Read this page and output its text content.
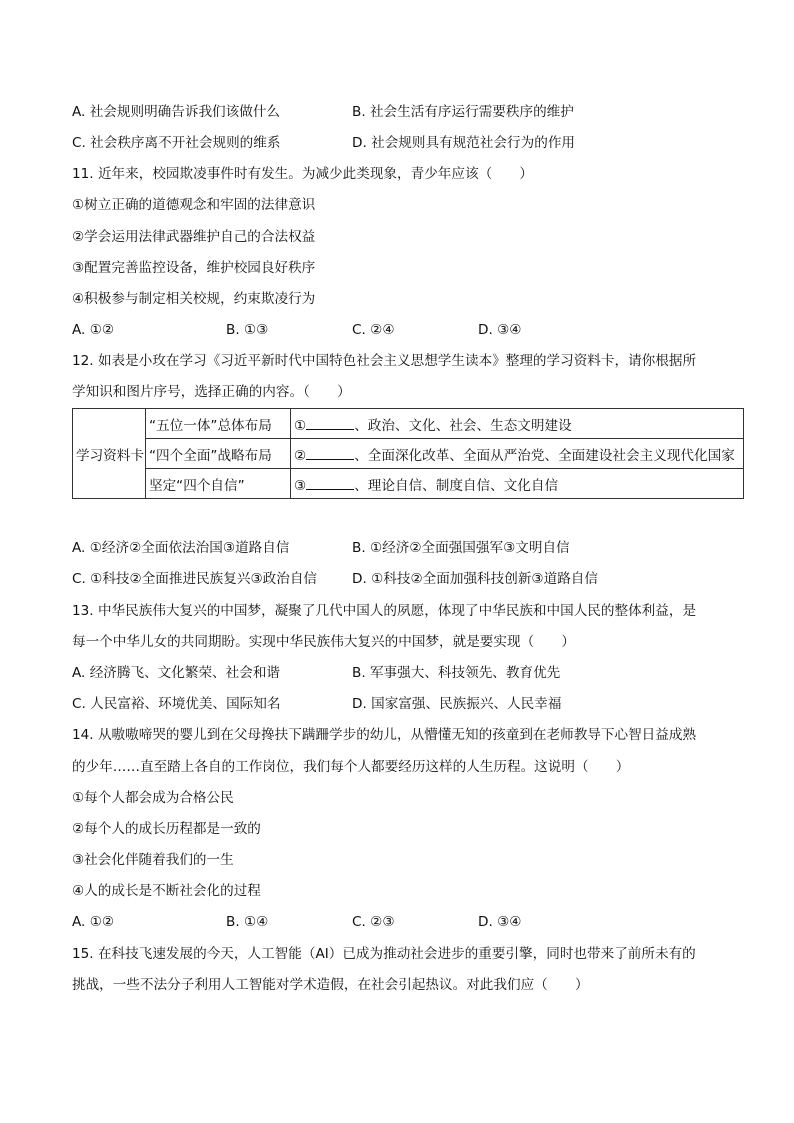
A. 社会规则明确告诉我们该做什么	B. 社会生活有序运行需要秩序的维护
C. 社会秩序离不开社会规则的维系	D. 社会规则具有规范社会行为的作用
11. 近年来，校园欺凌事件时有发生。为减少此类现象，青少年应该（　　）
①树立正确的道德观念和牢固的法律意识
②学会运用法律武器维护自己的合法权益
③配置完善监控设备，维护校园良好秩序
④积极参与制定相关校规，约束欺凌行为
A. ①②	B. ①③	C. ②④	D. ③④
12. 如表是小玫在学习《习近平新时代中国特色社会主义思想学生读本》整理的学习资料卡，请你根据所
学知识和图片序号，选择正确的内容。（　　）
学习资料卡	“五位一体”总体布局	① 、政治、文化、社会、生态文明建设
	“四个全面”战略布局	② 、全面深化改革、全面从严治党、全面建设社会主义现代化国家
	坚定“四个自信”	③ 、理论自信、制度自信、文化自信
A. ①经济②全面依法治国③道路自信	B. ①经济②全面强国强军③文明自信
C. ①科技②全面推进民族复兴③政治自信	D. ①科技②全面加强科技创新③道路自信
13. 中华民族伟大复兴的中国梦，凝聚了几代中国人的夙愿，体现了中华民族和中国人民的整体利益，是
每一个中华儿女的共同期盼。实现中华民族伟大复兴的中国梦，就是要实现（　　）
A. 经济腾飞、文化繁荣、社会和谐	B. 军事强大、科技领先、教育优先
C. 人民富裕、环境优美、国际知名	D. 国家富强、民族振兴、人民幸福
14. 从嗷嗷啼哭的婴儿到在父母搀扶下蹒跚学步的幼儿，从懵懂无知的孩童到在老师教导下心智日益成熟
的少年……直至踏上各自的工作岗位，我们每个人都要经历这样的人生历程。这说明（　　）
①每个人都会成为合格公民
②每个人的成长历程都是一致的
③社会化伴随着我们的一生
④人的成长是不断社会化的过程
A. ①②	B. ①④	C. ②③	D. ③④
15. 在科技飞速发展的今天，人工智能（AI）已成为推动社会进步的重要引擎，同时也带来了前所未有的
挑战，一些不法分子利用人工智能对学术造假，在社会引起热议。对此我们应（　　）
